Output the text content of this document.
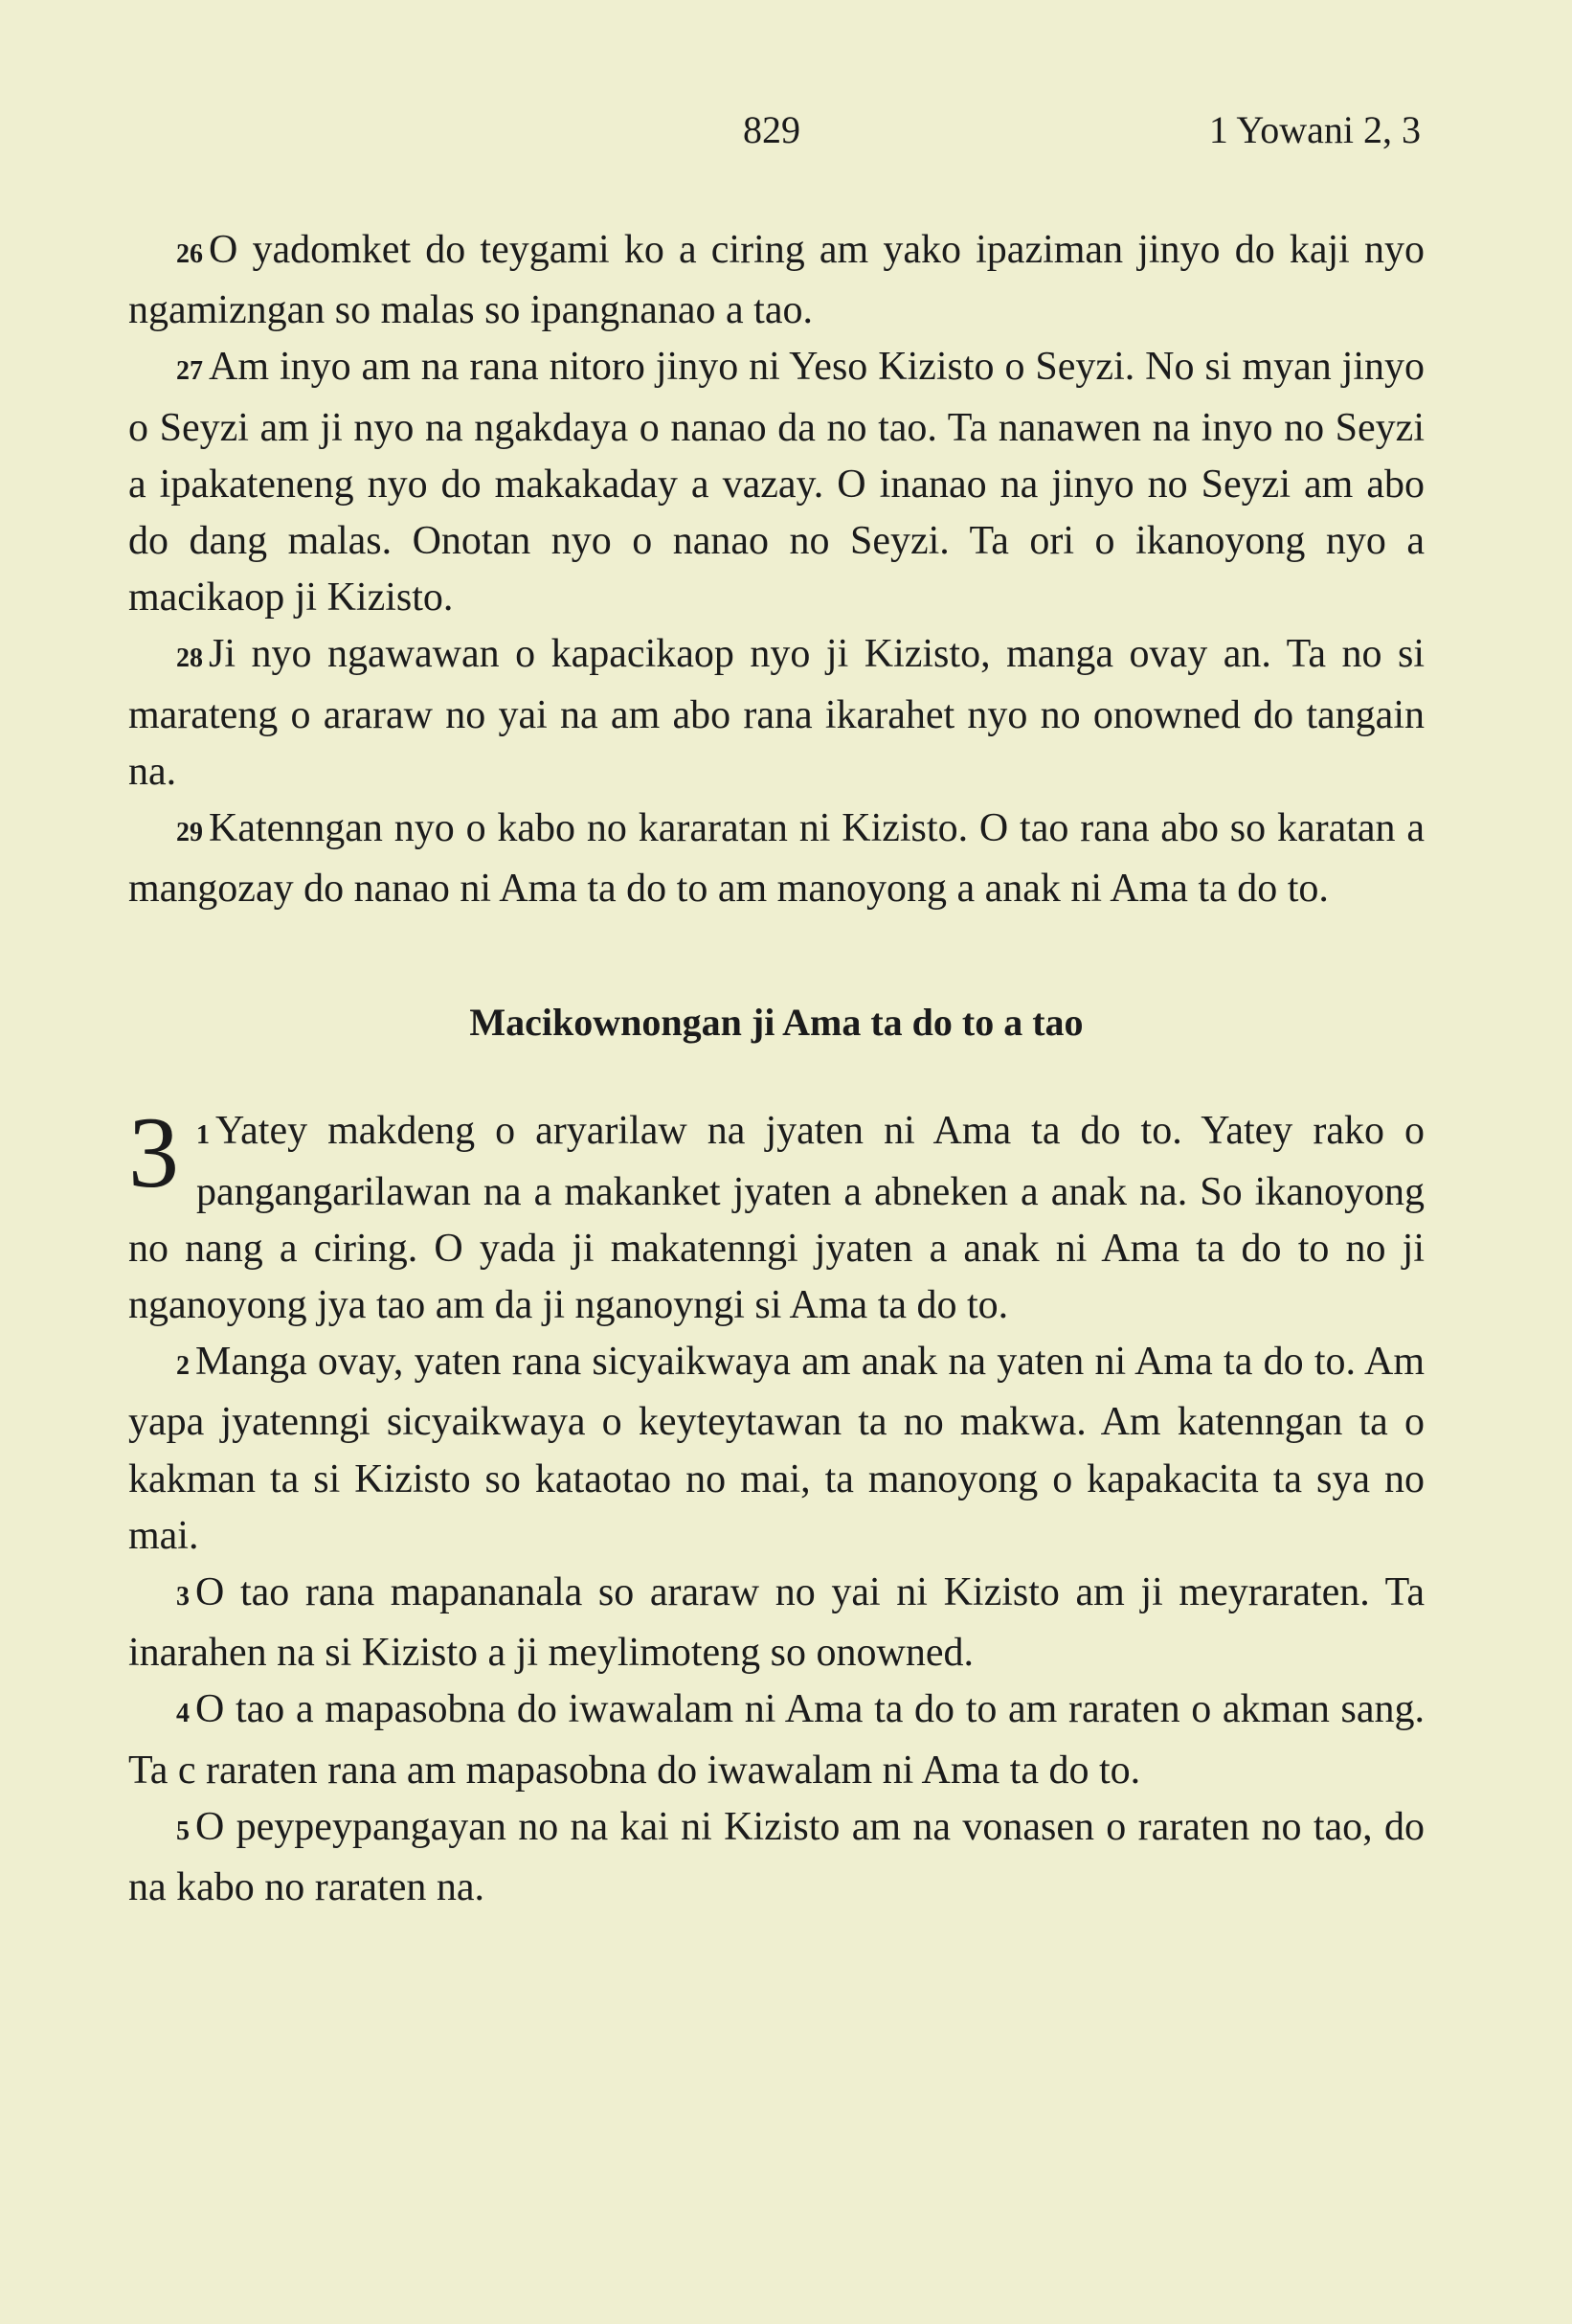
829	1 Yowani 2, 3

26 O yadomket do teygami ko a ciring am yako ipaziman jinyo do kaji nyo ngamizngan so malas so ipangnanao a tao.

27 Am inyo am na rana nitoro jinyo ni Yeso Kizisto o Seyzi. No si myan jinyo o Seyzi am ji nyo na ngakdaya o nanao da no tao. Ta nanawen na inyo no Seyzi a ipakateneng nyo do makakaday a vazay. O inanao na jinyo no Seyzi am abo do dang malas. Onotan nyo o nanao no Seyzi. Ta ori o ikanoyong nyo a macikaop ji Kizisto.

28 Ji nyo ngawawan o kapacikaop nyo ji Kizisto, manga ovay an. Ta no si marateng o araraw no yai na am abo rana ikarahet nyo no onowned do tangain na.

29 Katenngan nyo o kabo no kararatan ni Kizisto. O tao rana abo so karatan a mangozay do nanao ni Ama ta do to am manoyong a anak ni Ama ta do to.

Macikownongan ji Ama ta do to a tao

3 1 Yatey makdeng o aryarilaw na jyaten ni Ama ta do to. Yatey rako o pangangarilawan na a makanket jyaten a abneken a anak na. So ikanoyong no nang a ciring. O yada ji makatenngi jyaten a anak ni Ama ta do to no ji nganoyong jya tao am da ji nganoyngi si Ama ta do to.

2 Manga ovay, yaten rana sicyaikwaya am anak na yaten ni Ama ta do to. Am yapa jyatenngi sicyaikwaya o keyteytawan ta no makwa. Am katenngan ta o kakman ta si Kizisto so kataotao no mai, ta manoyong o kapakacita ta sya no mai.

3 O tao rana mapananala so araraw no yai ni Kizisto am ji meyraraten. Ta inarahen na si Kizisto a ji meylimoteng so onowned.

4 O tao a mapasobna do iwawalam ni Ama ta do to am raraten o akman sang. Ta c raraten rana am mapasobna do iwawalam ni Ama ta do to.

5 O peypeypangayan no na kai ni Kizisto am na vonasen o raraten no tao, do na kabo no raraten na.
